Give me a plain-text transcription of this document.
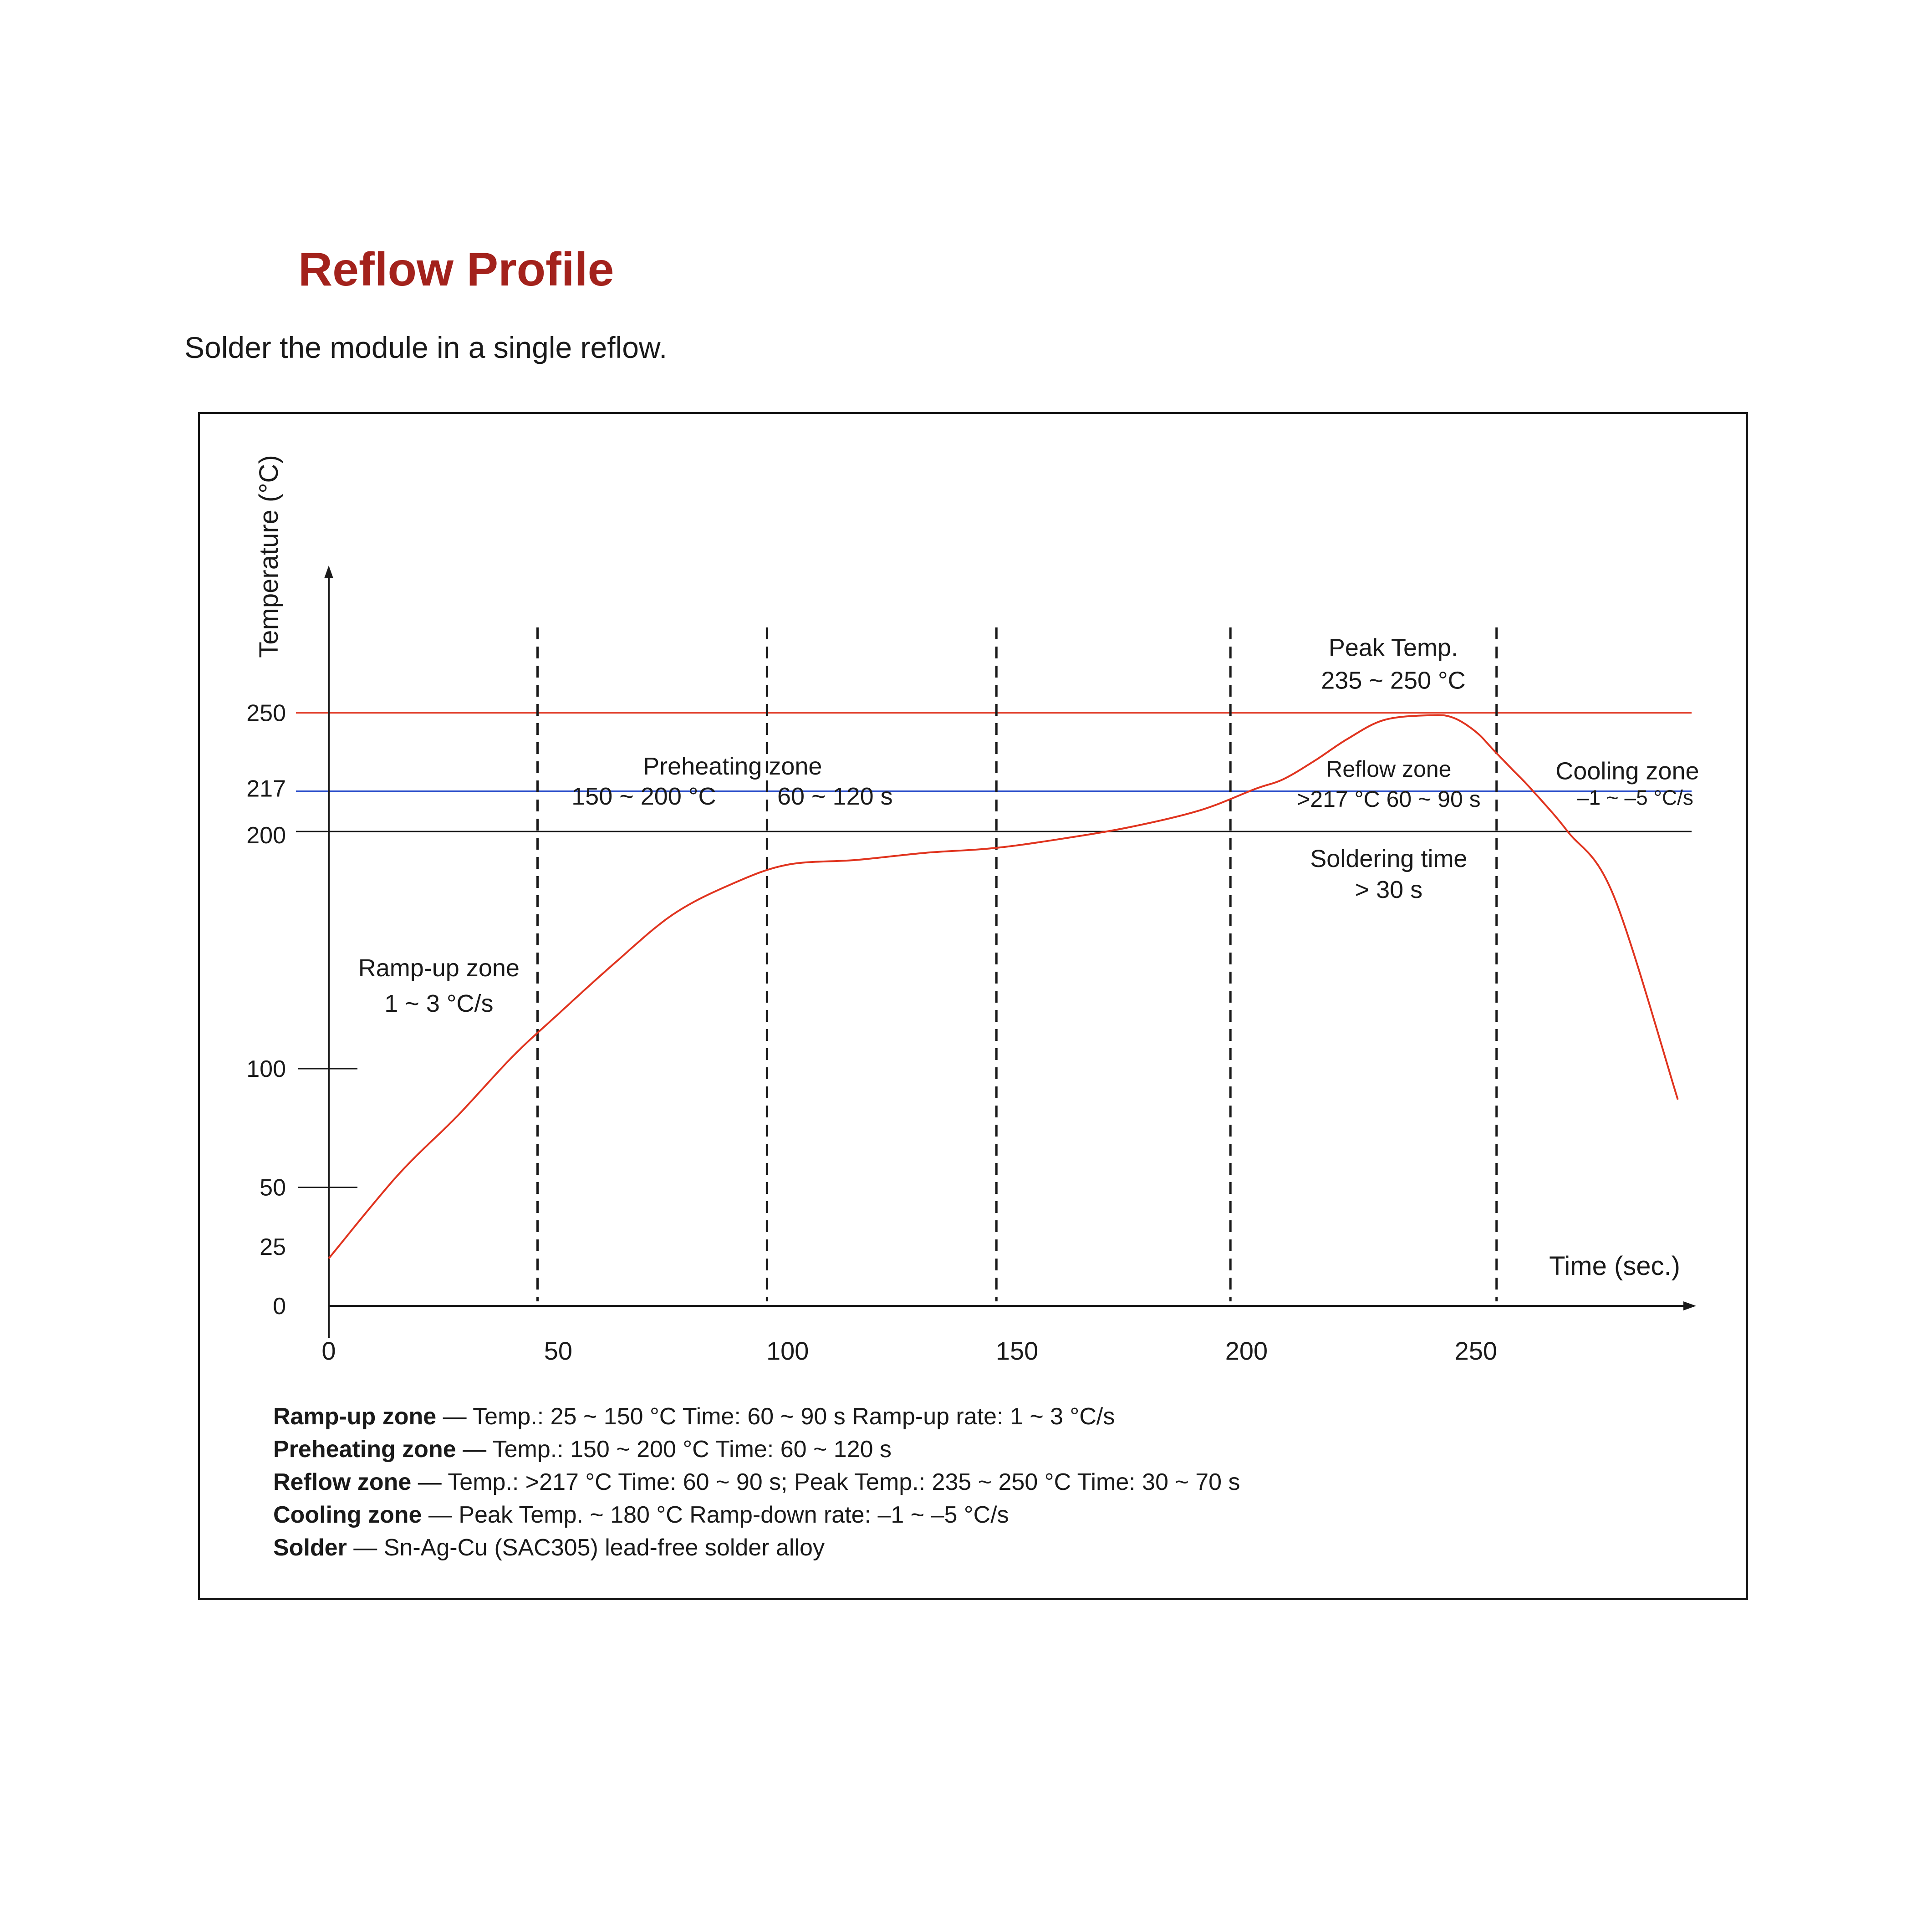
Reflow Profile
Solder the module in a single reflow.
0
25
50
100
200
217
250
0	50	100	150	200	250
Temperature (°C)
Time (sec.)
Ramp-up zone
1 ~ 3 °C/s
Preheating zone
150 ~ 200 °C 60 ~ 120 s
Peak Temp.
235 ~ 250 °C
Reflow zone
>217 °C 60 ~ 90 s
Cooling zone
–1 ~ –5 °C/s
Soldering time
> 30 s
Ramp-up zone — Temp.: 25 ~ 150 °C Time: 60 ~ 90 s Ramp-up rate: 1 ~ 3 °C/s
Preheating zone — Temp.: 150 ~ 200 °C Time: 60 ~ 120 s
Reflow zone — Temp.: >217 °C Time: 60 ~ 90 s; Peak Temp.: 235 ~ 250 °C Time: 30 ~ 70 s
Cooling zone — Peak Temp. ~ 180 °C Ramp-down rate: –1 ~ –5 °C/s
Solder — Sn-Ag-Cu (SAC305) lead-free solder alloy
